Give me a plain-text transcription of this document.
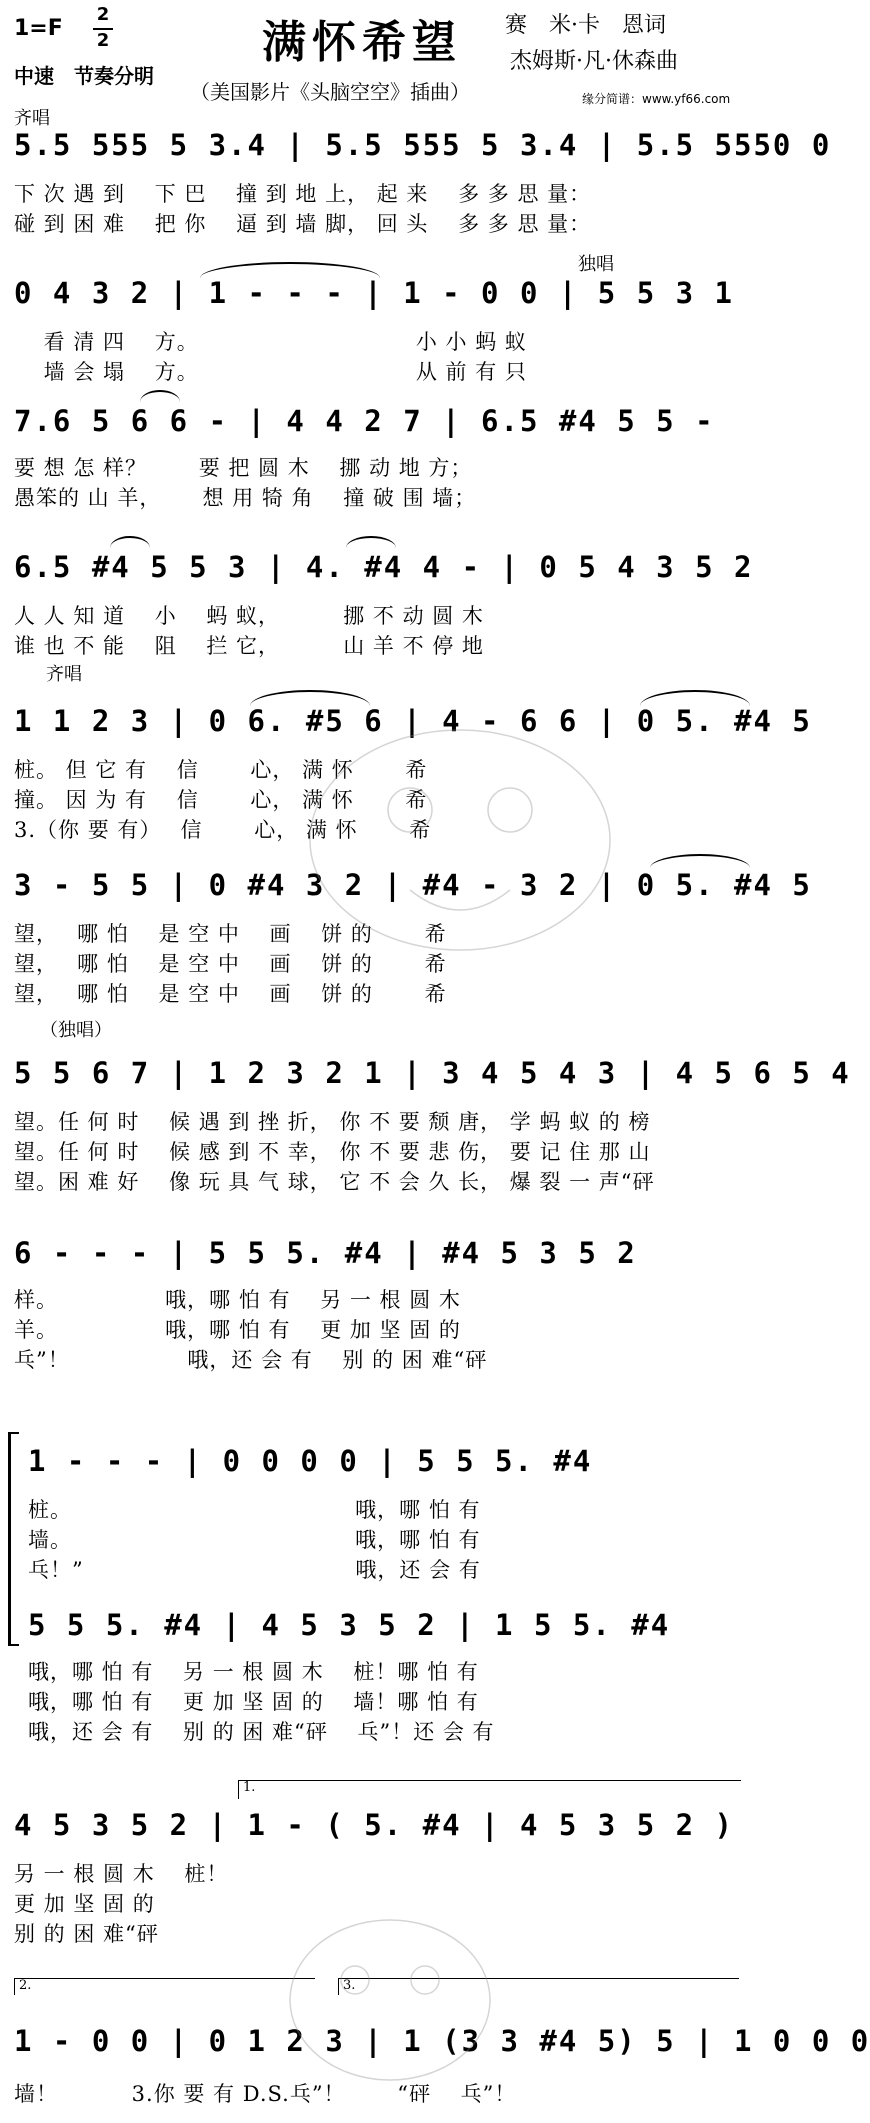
1=F
2
2	满怀希望 赛　米·卡　恩词
杰姆斯·凡·休森曲
中速　节奏分明
（美国影片《头脑空空》插曲）	缘分简谱：www.yf66.com
齐唱
5.5 555 5 3.4 | 5.5 555 5 3.4 | 5.5 5550 0
下 次 遇 到　 下 巴　 撞 到 地 上， 起 来　 多 多 思 量：
碰 到 困 难　 把 你　 逼 到 墙 脚， 回 头　 多 多 思 量：
独唱
0 4 3 2 | 1 - - - | 1 - 0 0 | 5 5 3 1
　 看 清 四　 方。　　　　　　　　　　 小 小 蚂 蚁
　 墙 会 塌　 方。　　　　　　　　　　 从 前 有 只
7.6 5 6 6 - | 4 4 2 7 | 6.5 #4 5 5 -
要 想 怎 样？　　 要 把 圆 木　 挪 动 地 方；
愚笨的 山 羊，　　 想 用 犄 角　 撞 破 围 墙；
6.5 #4 5 5 3 | 4. #4 4 - | 0 5 4 3 5 2
人 人 知 道　 小　 蚂 蚁，　　　 挪 不 动 圆 木
谁 也 不 能　 阻　 拦 它，　　　 山 羊 不 停 地
齐唱
1 1 2 3 | 0 6. #5 6 | 4 - 6 6 | 0 5. #4 5
桩。 但 它 有　 信　　 心， 满 怀　　 希
撞。 因 为 有　 信　　 心， 满 怀　　 希
3.（你 要 有）　 信　　 心， 满 怀　　 希
3 - 5 5 | 0 #4 3 2 | #4 - 3 2 | 0 5. #4 5
望，　 哪 怕　 是 空 中　 画　 饼 的　　 希
望，　 哪 怕　 是 空 中　 画　 饼 的　　 希
望，　 哪 怕　 是 空 中　 画　 饼 的　　 希
（独唱）
5 5 6 7 | 1 2 3 2 1 | 3 4 5 4 3 | 4 5 6 5 4
望。任 何 时　 候 遇 到 挫 折， 你 不 要 颓 唐， 学 蚂 蚁 的 榜
望。任 何 时　 候 感 到 不 幸， 你 不 要 悲 伤， 要 记 住 那 山
望。困 难 好　 像 玩 具 气 球， 它 不 会 久 长， 爆 裂 一 声“砰
6 - - - | 5 5 5. #4 | #4 5 3 5 2
样。　　　　　 哦，哪 怕 有　 另 一 根 圆 木
羊。　　　　　 哦，哪 怕 有　 更 加 坚 固 的
乓”！　　　　　 哦，还 会 有　 别 的 困 难“砰
1 - - - | 0 0 0 0 | 5 5 5. #4
桩。　　　　　　　　　　　　　 哦，哪 怕 有
墙。　　　　　　　　　　　　　 哦，哪 怕 有
乓！”　　　　　　　　　　　　 哦，还 会 有
5 5 5. #4 | 4 5 3 5 2 | 1 5 5. #4
哦，哪 怕 有　 另 一 根 圆 木　 桩！哪 怕 有
哦，哪 怕 有　 更 加 坚 固 的　 墙！哪 怕 有
哦，还 会 有　 别 的 困 难“砰　 乓”！还 会 有
1.
4 5 3 5 2 | 1 - ( 5. #4 | 4 5 3 5 2 )
另 一 根 圆 木　 桩！
更 加 坚 固 的
别 的 困 难“砰
2.	3.
1 - 0 0 | 0 1 2 3 | 1 (3 3 #4 5) 5 | 1 0 0 0
墙！　　　 3.你 要 有 D.S.乓”！　　 “砰　 乓”！
